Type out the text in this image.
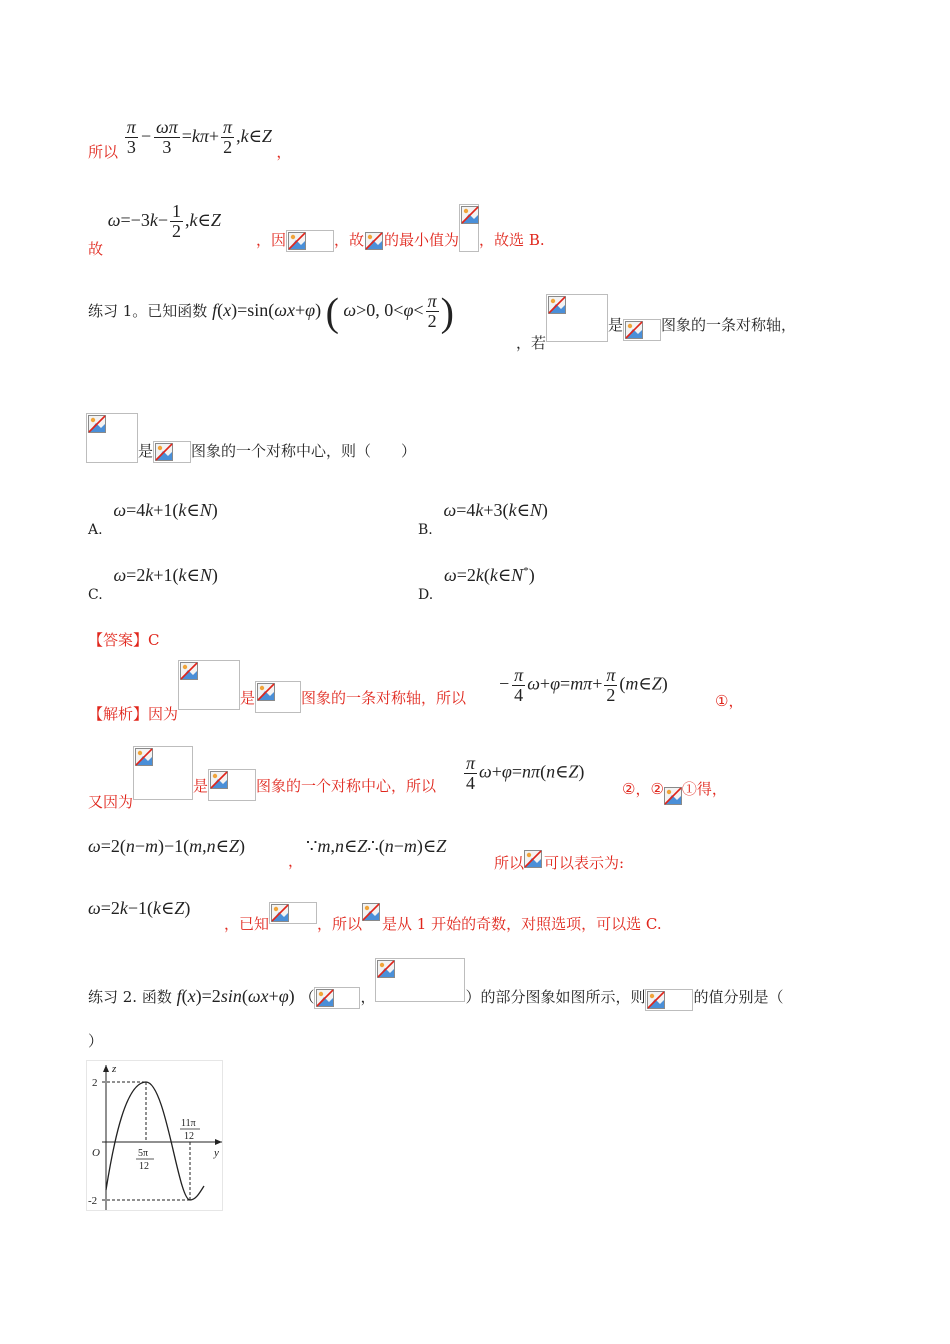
所以 $\frac{\pi}{3} - \frac{\omega\pi}{3} =k\pi+ \frac{\pi}{2}$ ,k∈Z ，
故 $\omega=-3k- \frac{1}{2}$ ,k∈Z
，因	，故 的最小值为 ，故选 B.
练习 1。已知函数 f(x)=sin(ωx+φ) ( ω>0, $0<\varphi< \frac{\pi}{2}$ )
，若
是	图象的一条对称轴，
是	图象的一个对称中心，则（　　）
A. ω=4k+1(k∈N)
B. ω=4k+3(k∈N)
C. ω=2k+1(k∈N)
D. ω=2k(k∈N*)
【答案】C
【解析】因为
是	图象的一条对称轴，所以
− $\frac{\pi}{4} \omega+\varphi=m\pi+ \frac{\pi}{2}$ (m∈Z)
①，
又因为
是	图象的一个对称中心，所以 $\frac{\pi}{4}$ ω+φ=nπ(n∈Z)
②，② ①得，
ω=2(n−m)−1(m,n∈Z)
，
∵m,n∈Z∴(n−m)∈Z
所以 可以表示为:
ω=2k−1(k∈Z)
，已知	，所以 是从 1 开始的奇数，对照选项，可以选 C.
练习 2. 函数 f(x)=2sin(ωx+φ) （	，	）的部分图象如图所示，则	的值分别是（
）
z
y
O
2
-2
5π
12
11π
12
